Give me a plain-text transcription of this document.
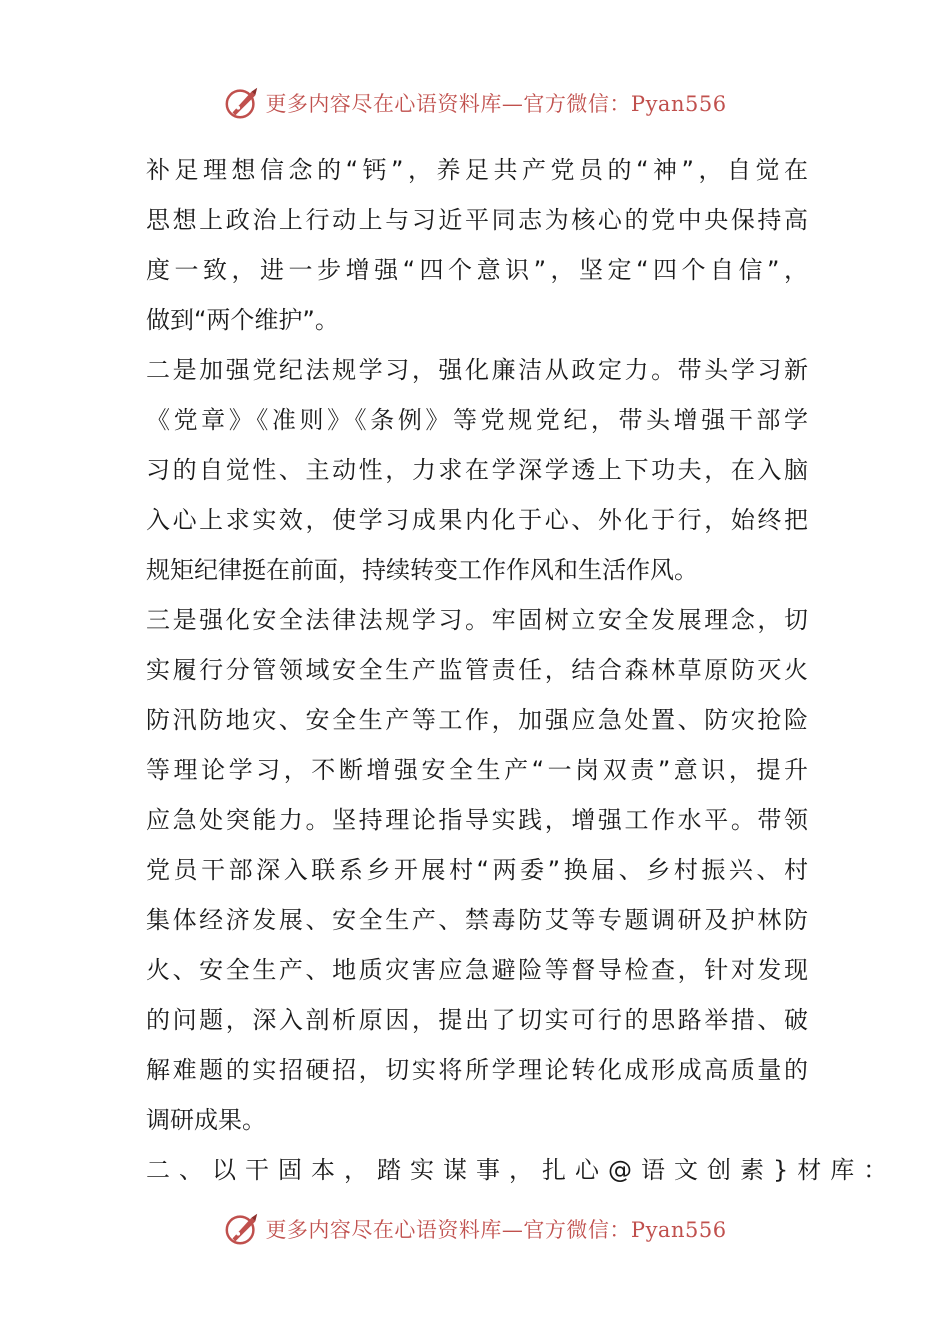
更多内容尽在心语资料库—官方微信：Pyan556
补足理想信念的“钙”，养足共产党员的“神”，自觉在
思想上政治上行动上与习近平同志为核心的党中央保持高
度一致，进一步增强“四个意识”，坚定“四个自信”，
做到“两个维护”。
二是加强党纪法规学习，强化廉洁从政定力。带头学习新
《党章》《准则》《条例》等党规党纪，带头增强干部学
习的自觉性、主动性，力求在学深学透上下功夫，在入脑
入心上求实效，使学习成果内化于心、外化于行，始终把
规矩纪律挺在前面，持续转变工作作风和生活作风。
三是强化安全法律法规学习。牢固树立安全发展理念，切
实履行分管领域安全生产监管责任，结合森林草原防灭火
防汛防地灾、安全生产等工作，加强应急处置、防灾抢险
等理论学习，不断增强安全生产“一岗双责”意识，提升
应急处突能力。坚持理论指导实践，增强工作水平。带领
党员干部深入联系乡开展村“两委”换届、乡村振兴、村
集体经济发展、安全生产、禁毒防艾等专题调研及护林防
火、安全生产、地质灾害应急避险等督导检查，针对发现
的问题，深入剖析原因，提出了切实可行的思路举措、破
解难题的实招硬招，切实将所学理论转化成形成高质量的
调研成果。
二、以干固本，踏实谋事，扎心@语文创素}材库：
更多内容尽在心语资料库—官方微信：Pyan556
